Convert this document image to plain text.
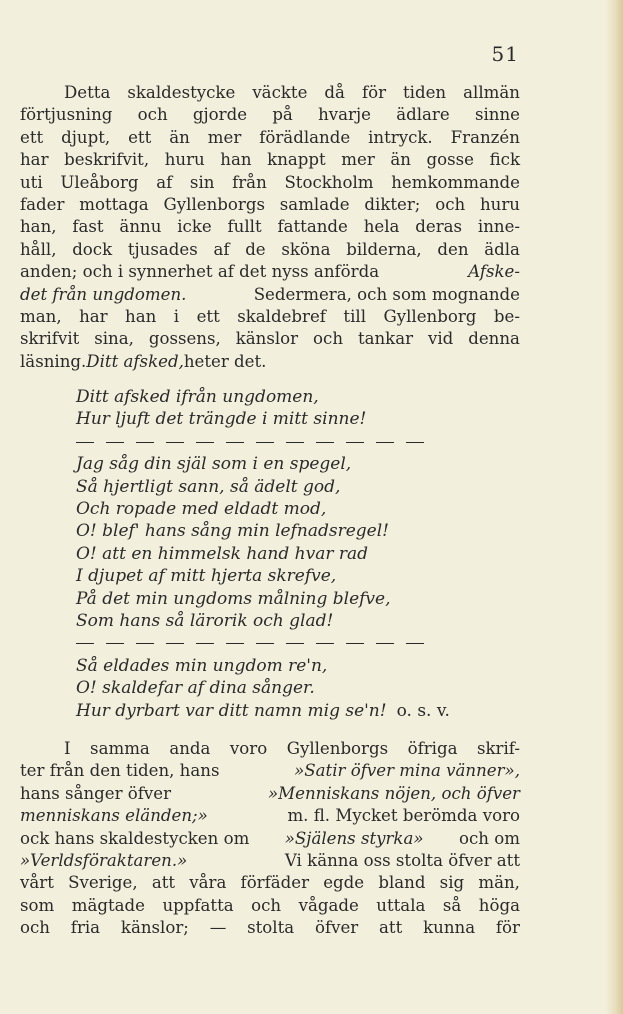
51
Detta skaldestycke väckte då för tiden allmän
förtjusning och gjorde på hvarje ädlare sinne
ett djupt, ett än mer förädlande intryck. Franzén
har beskrifvit, huru han knappt mer än gosse fick
uti Uleåborg af sin från Stockholm hemkommande
fader mottaga Gyllenborgs samlade dikter; och huru
han, fast ännu icke fullt fattande hela deras inne-
håll, dock tjusades af de sköna bilderna, den ädla
anden; och i synnerhet af det nyss anförda	Afske-
det från ungdomen.	Sedermera, och som mognande
man, har han i ett skaldebref till Gyllenborg be-
skrifvit sina, gossens, känslor och tankar vid denna
läsning. Ditt afsked, heter det.
Ditt afsked ifrån ungdomen,
Hur ljuft det trängde i mitt sinne!
Jag såg din själ som i en spegel,
Så hjertligt sann, så ädelt god,
Och ropade med eldadt mod,
O! blef' hans sång min lefnadsregel!
O! att en himmelsk hand hvar rad
I djupet af mitt hjerta skrefve,
På det min ungdoms målning blefve,
Som hans så lärorik och glad!
Så eldades min ungdom re'n,
O! skaldefar af dina sånger.
Hur dyrbart var ditt namn mig se'n! o. s. v.
I samma anda voro Gyllenborgs öfriga skrif-
ter från den tiden, hans	»Satir öfver mina vänner»,
hans sånger öfver	»Menniskans nöjen, och öfver
menniskans eländen;»	m. fl. Mycket berömda voro
ock hans skaldestycken om »Själens styrka» och om
»Verldsföraktaren.»	Vi känna oss stolta öfver att
vårt Sverige, att våra förfäder egde bland sig män,
som mägtade uppfatta och vågade uttala så höga
och fria känslor; — stolta öfver att kunna för
